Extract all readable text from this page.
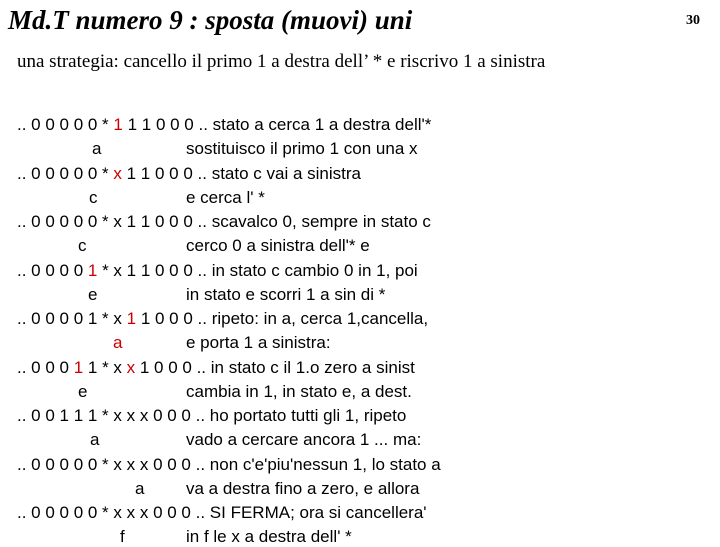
Md.T numero 9 : sposta (muovi) uni	30
una strategia: cancello il primo 1 a destra dell’ * e riscrivo 1 a sinistra
.. 0 0 0 0 0 * 1 1 1 0 0 0 .. stato a cerca 1 a destra dell'*
a	sostituisco il primo 1 con una x
.. 0 0 0 0 0 * x 1 1 0 0 0 .. stato c vai a sinistra
c	e cerca l' *
.. 0 0 0 0 0 * x 1 1 0 0 0 .. scavalco 0, sempre in stato c
c	cerco 0 a sinistra dell'* e
.. 0 0 0 0 1 * x 1 1 0 0 0 .. in stato c cambio 0 in 1, poi
e	in stato e scorri 1 a sin di *
.. 0 0 0 0 1 * x 1 1 0 0 0 .. ripeto: in a, cerca 1,cancella,
a	e porta 1 a sinistra:
.. 0 0 0 1 1 * x x 1 0 0 0 .. in stato c il 1.o zero a sinist
e	cambia in 1, in stato e, a dest.
.. 0 0 1 1 1 * x x x 0 0 0 .. ho portato tutti gli 1, ripeto
a	vado a cercare ancora 1 ... ma:
.. 0 0 0 0 0 * x x x 0 0 0 .. non c'e'piu'nessun 1, lo stato a
a va a destra fino a zero, e allora
.. 0 0 0 0 0 * x x x 0 0 0 .. SI FERMA; ora si cancellera'
f	in f le x a destra dell' *
